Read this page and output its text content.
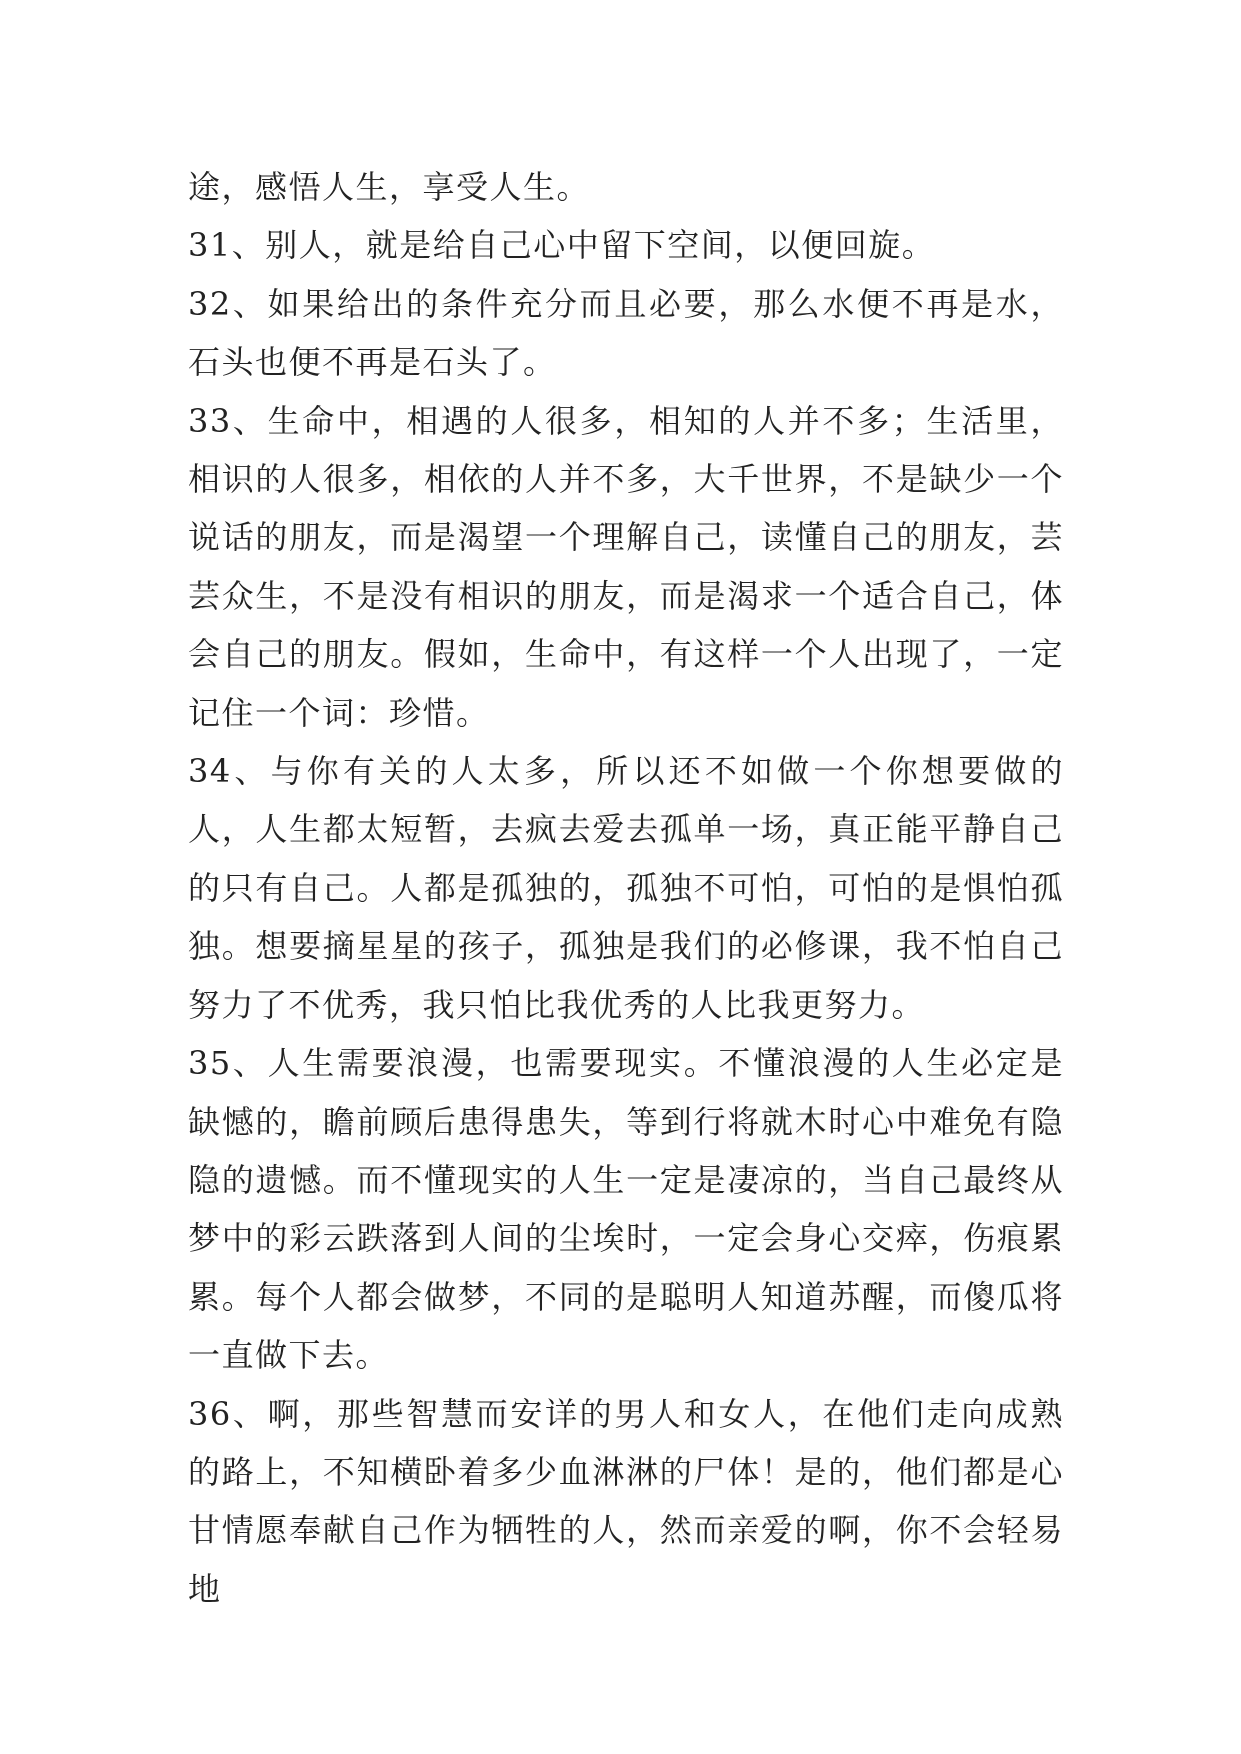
途，感悟人生，享受人生。

31、别人，就是给自己心中留下空间，以便回旋。

32、如果给出的条件充分而且必要，那么水便不再是水，石头也便不再是石头了。

33、生命中，相遇的人很多，相知的人并不多；生活里，相识的人很多，相依的人并不多，大千世界，不是缺少一个说话的朋友，而是渴望一个理解自己，读懂自己的朋友，芸芸众生，不是没有相识的朋友，而是渴求一个适合自己，体会自己的朋友。假如，生命中，有这样一个人出现了，一定记住一个词：珍惜。

34、与你有关的人太多，所以还不如做一个你想要做的人，人生都太短暂，去疯去爱去孤单一场，真正能平静自己的只有自己。人都是孤独的，孤独不可怕，可怕的是惧怕孤独。想要摘星星的孩子，孤独是我们的必修课，我不怕自己努力了不优秀，我只怕比我优秀的人比我更努力。

35、人生需要浪漫，也需要现实。不懂浪漫的人生必定是缺憾的，瞻前顾后患得患失，等到行将就木时心中难免有隐隐的遗憾。而不懂现实的人生一定是凄凉的，当自己最终从梦中的彩云跌落到人间的尘埃时，一定会身心交瘁，伤痕累累。每个人都会做梦，不同的是聪明人知道苏醒，而傻瓜将一直做下去。

36、啊，那些智慧而安详的男人和女人，在他们走向成熟的路上，不知横卧着多少血淋淋的尸体！是的，他们都是心甘情愿奉献自己作为牺牲的人，然而亲爱的啊，你不会轻易地
